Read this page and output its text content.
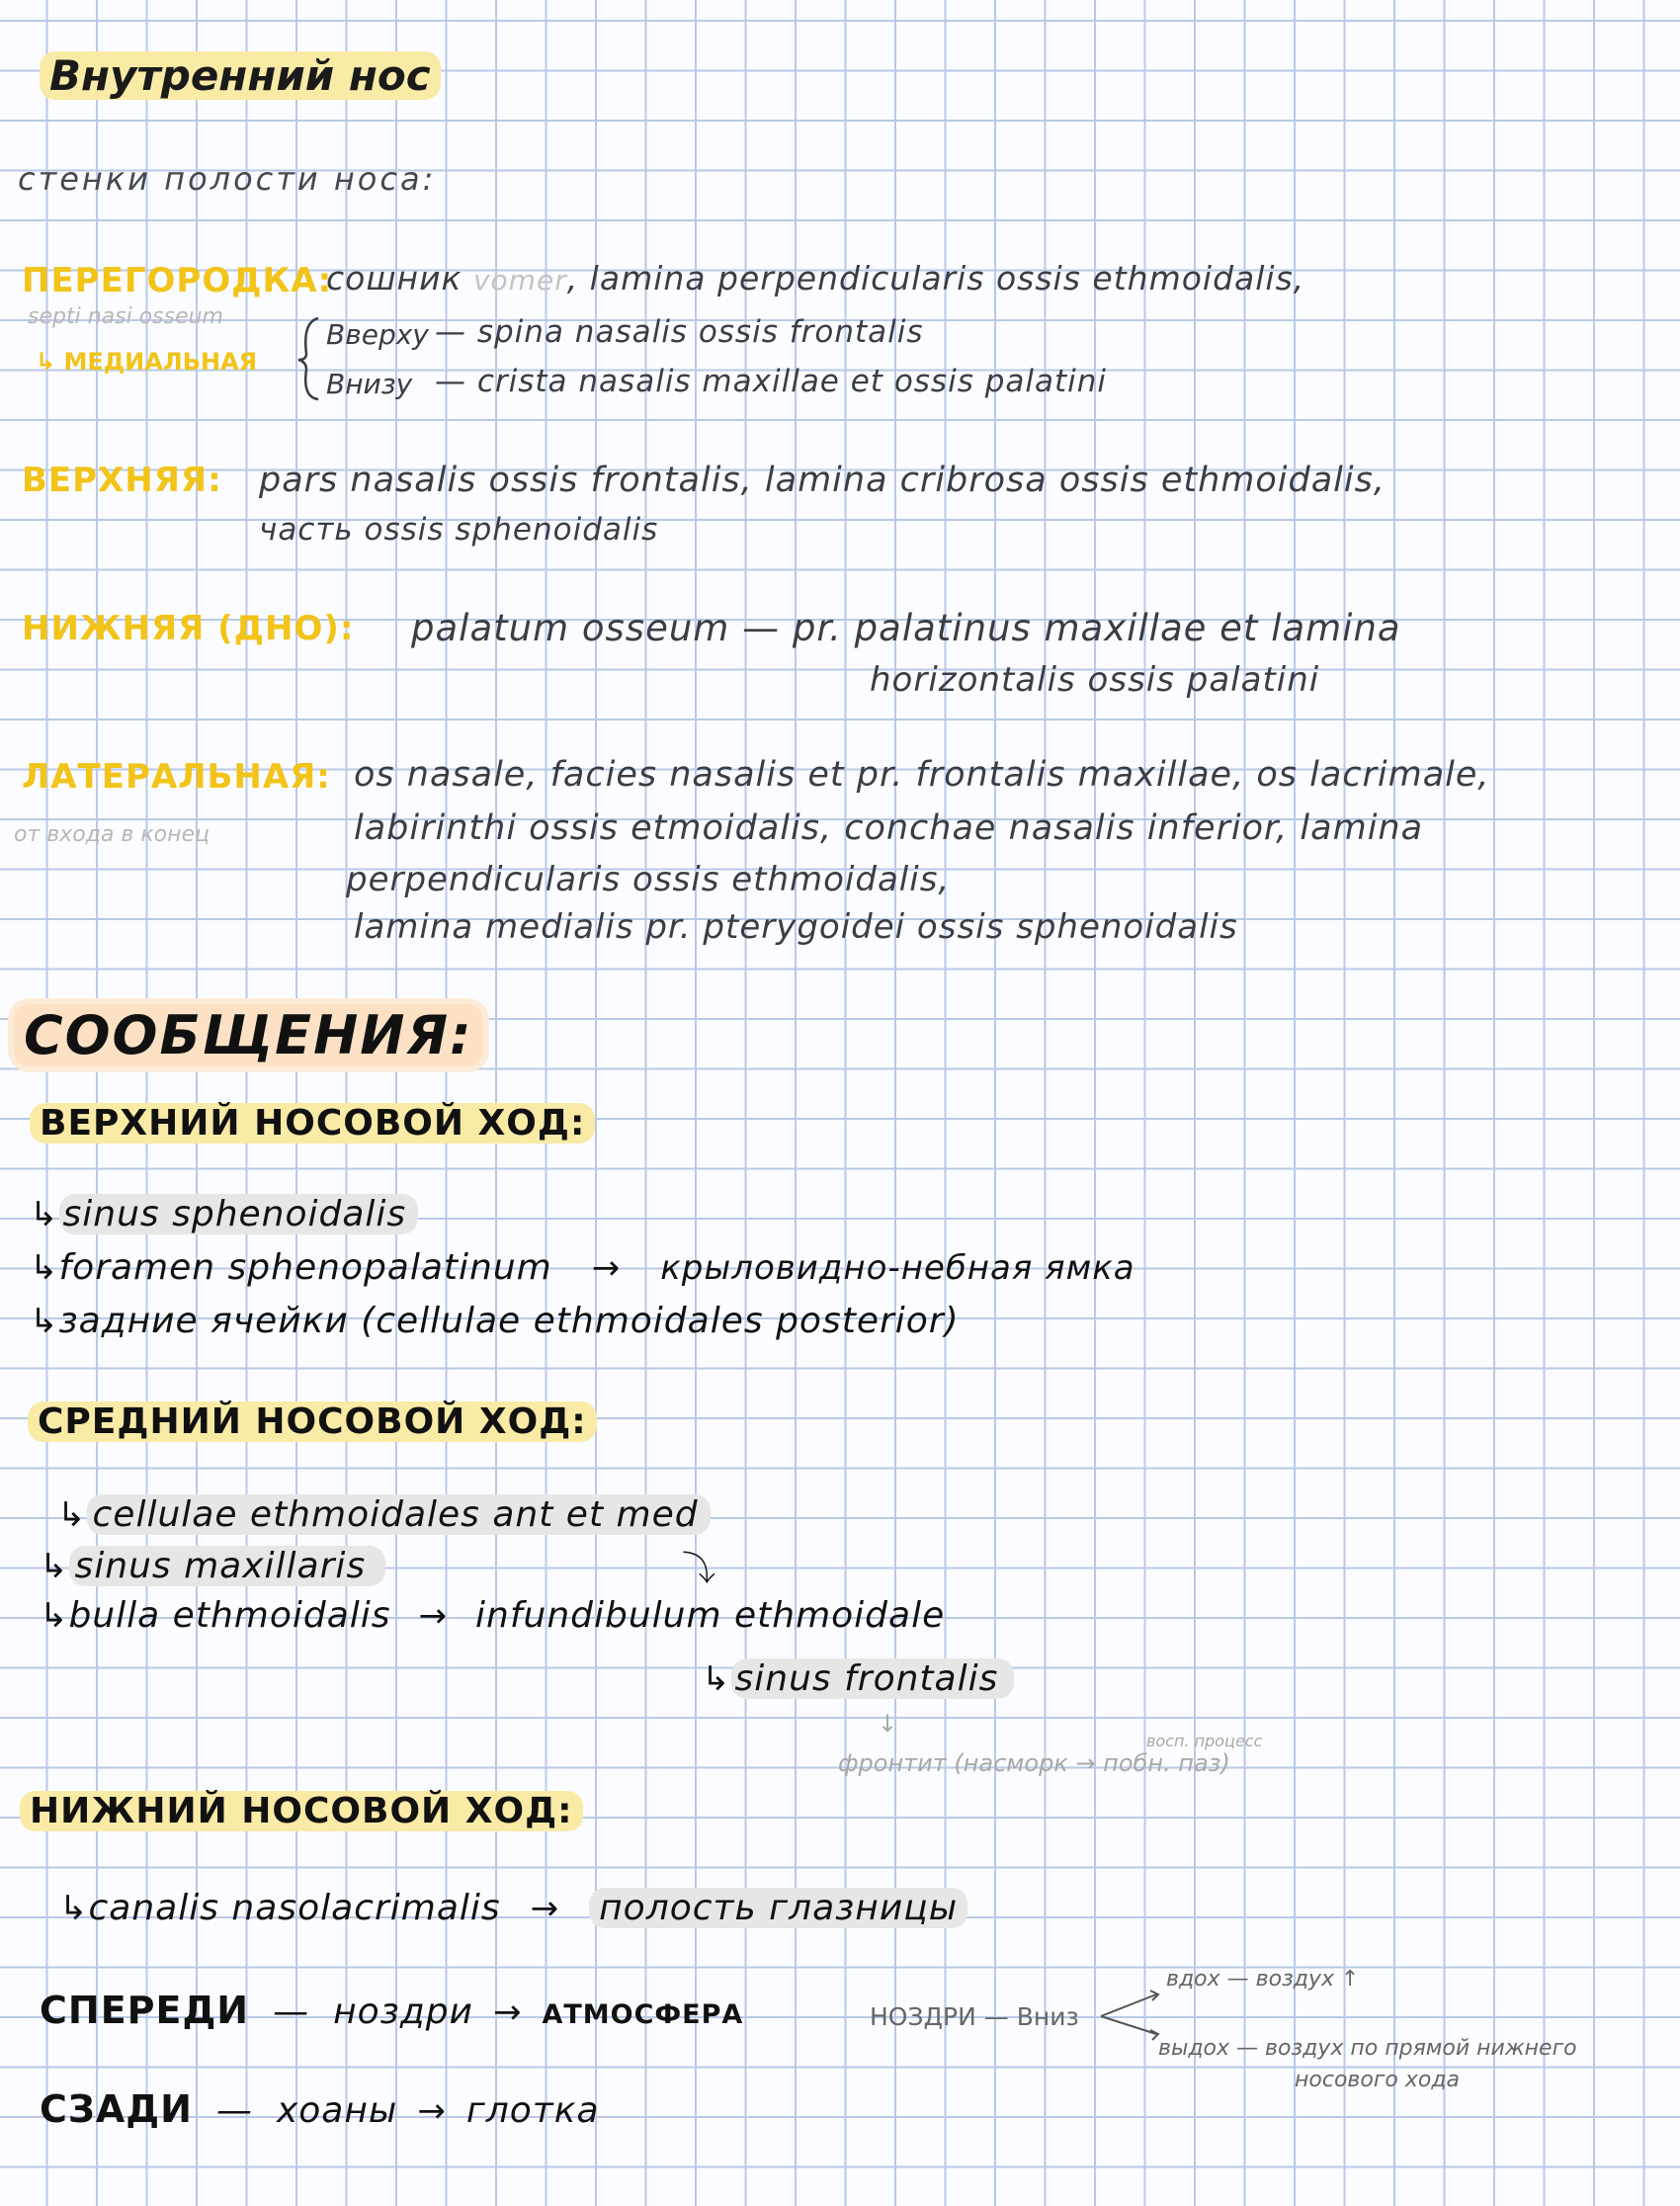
Внутренний нос
стенки полости носа:
ПЕРЕГОРОДКА:
septi nasi osseum
↳ МЕДИАЛЬНАЯ
сошник vomer, lamina perpendicularis ossis ethmoidalis,
Вверху — spina nasalis ossis frontalis
Внизу — crista nasalis maxillae et ossis palatini
ВЕРХНЯЯ: pars nasalis ossis frontalis, lamina cribrosa ossis ethmoidalis,
часть ossis sphenoidalis
НИЖНЯЯ (ДНО): palatum osseum — pr. palatinus maxillae et lamina
horizontalis ossis palatini
ЛАТЕРАЛЬНАЯ:
от входа в конец
os nasale, facies nasalis et pr. frontalis maxillae, os lacrimale,
labirinthi ossis etmoidalis, conchae nasalis inferior, lamina
perpendicularis ossis ethmoidalis,
lamina medialis pr. pterygoidei ossis sphenoidalis
СООБЩЕНИЯ:
ВЕРХНИЙ НОСОВОЙ ХОД:
↳ sinus sphenoidalis
↳foramen sphenopalatinum → крыловидно-небная ямка
↳задние ячейки (cellulae ethmoidales posterior)
СРЕДНИЙ НОСОВОЙ ХОД:
↳ cellulae ethmoidales ant et med
↳ sinus maxillaris	⤵
↳bulla ethmoidalis → infundibulum ethmoidale
↳ sinus frontalis
↓
восп. процесс
фронтит (насморк → побн. паз)
НИЖНИЙ НОСОВОЙ ХОД:
↳canalis nasolacrimalis → полость глазницы
СПЕРЕДИ — ноздри → АТМОСФЕРА
СЗАДИ — хоаны → глотка
НОЗДРИ — Вниз
вдох — воздух ↑
выдох — воздух по прямой нижнего
носового хода
